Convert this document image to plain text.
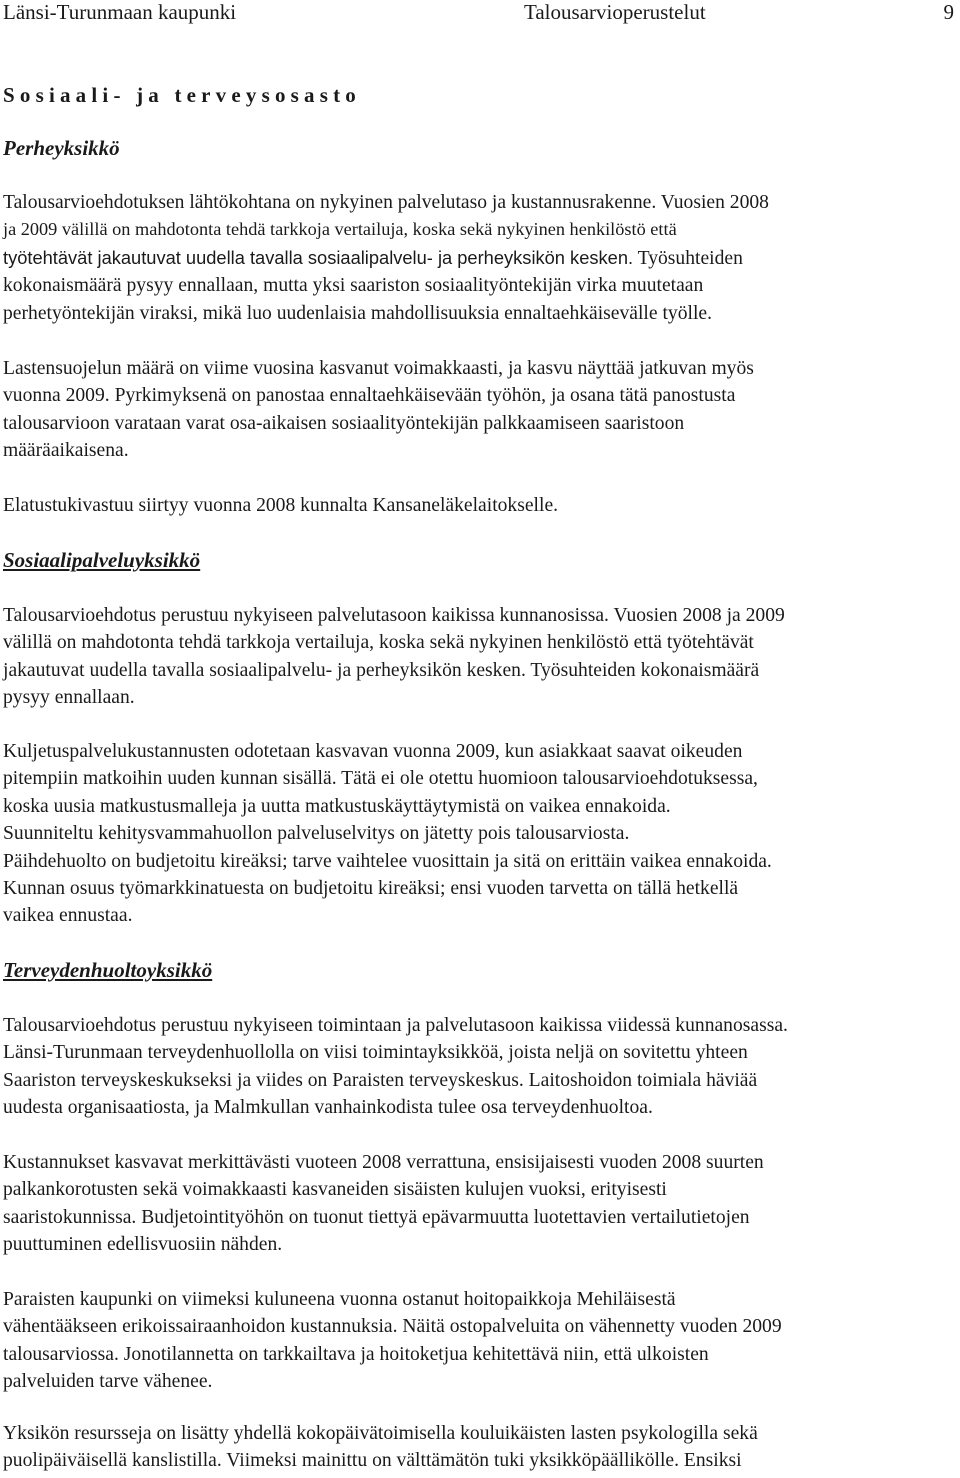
Länsi-Turunmaan kaupunki	Talousarvioperustelut	9
Sosiaali- ja terveysosasto
Perheyksikkö
Talousarvioehdotuksen lähtökohtana on nykyinen palvelutaso ja kustannusrakenne. Vuosien 2008
ja 2009 välillä on mahdotonta tehdä tarkkoja vertailuja, koska sekä nykyinen henkilöstö että
työtehtävät jakautuvat uudella tavalla sosiaalipalvelu- ja perheyksikön kesken. Työsuhteiden
kokonaismäärä pysyy ennallaan, mutta yksi saariston sosiaalityöntekijän virka muutetaan
perhetyöntekijän viraksi, mikä luo uudenlaisia mahdollisuuksia ennaltaehkäisevälle työlle.
Lastensuojelun määrä on viime vuosina kasvanut voimakkaasti, ja kasvu näyttää jatkuvan myös
vuonna 2009. Pyrkimyksenä on panostaa ennaltaehkäisevään työhön, ja osana tätä panostusta
talousarvioon varataan varat osa-aikaisen sosiaalityöntekijän palkkaamiseen saaristoon
määräaikaisena.
Elatustukivastuu siirtyy vuonna 2008 kunnalta Kansaneläkelaitokselle.
Sosiaalipalveluyksikkö
Talousarvioehdotus perustuu nykyiseen palvelutasoon kaikissa kunnanosissa. Vuosien 2008 ja 2009
välillä on mahdotonta tehdä tarkkoja vertailuja, koska sekä nykyinen henkilöstö että työtehtävät
jakautuvat uudella tavalla sosiaalipalvelu- ja perheyksikön kesken. Työsuhteiden kokonaismäärä
pysyy ennallaan.
Kuljetuspalvelukustannusten odotetaan kasvavan vuonna 2009, kun asiakkaat saavat oikeuden
pitempiin matkoihin uuden kunnan sisällä. Tätä ei ole otettu huomioon talousarvioehdotuksessa,
koska uusia matkustusmalleja ja uutta matkustuskäyttäytymistä on vaikea ennakoida.
Suunniteltu kehitysvammahuollon palveluselvitys on jätetty pois talousarviosta.
Päihdehuolto on budjetoitu kireäksi; tarve vaihtelee vuosittain ja sitä on erittäin vaikea ennakoida.
Kunnan osuus työmarkkinatuesta on budjetoitu kireäksi; ensi vuoden tarvetta on tällä hetkellä
vaikea ennustaa.
Terveydenhuoltoyksikkö
Talousarvioehdotus perustuu nykyiseen toimintaan ja palvelutasoon kaikissa viidessä kunnanosassa.
Länsi-Turunmaan terveydenhuollolla on viisi toimintayksikköä, joista neljä on sovitettu yhteen
Saariston terveyskeskukseksi ja viides on Paraisten terveyskeskus. Laitoshoidon toimiala häviää
uudesta organisaatiosta, ja Malmkullan vanhainkodista tulee osa terveydenhuoltoa.
Kustannukset kasvavat merkittävästi vuoteen 2008 verrattuna, ensisijaisesti vuoden 2008 suurten
palkankorotusten sekä voimakkaasti kasvaneiden sisäisten kulujen vuoksi, erityisesti
saaristokunnissa. Budjetointityöhön on tuonut tiettyä epävarmuutta luotettavien vertailutietojen
puuttuminen edellisvuosiin nähden.
Paraisten kaupunki on viimeksi kuluneena vuonna ostanut hoitopaikkoja Mehiläisestä
vähentääkseen erikoissairaanhoidon kustannuksia. Näitä ostopalveluita on vähennetty vuoden 2009
talousarviossa. Jonotilannetta on tarkkailtava ja hoitoketjua kehitettävä niin, että ulkoisten
palveluiden tarve vähenee.
Yksikön resursseja on lisätty yhdellä kokopäivätoimisella kouluikäisten lasten psykologilla sekä
puolipäiväisellä kanslistilla. Viimeksi mainittu on välttämätön tuki yksikköpäällikölle. Ensiksi
